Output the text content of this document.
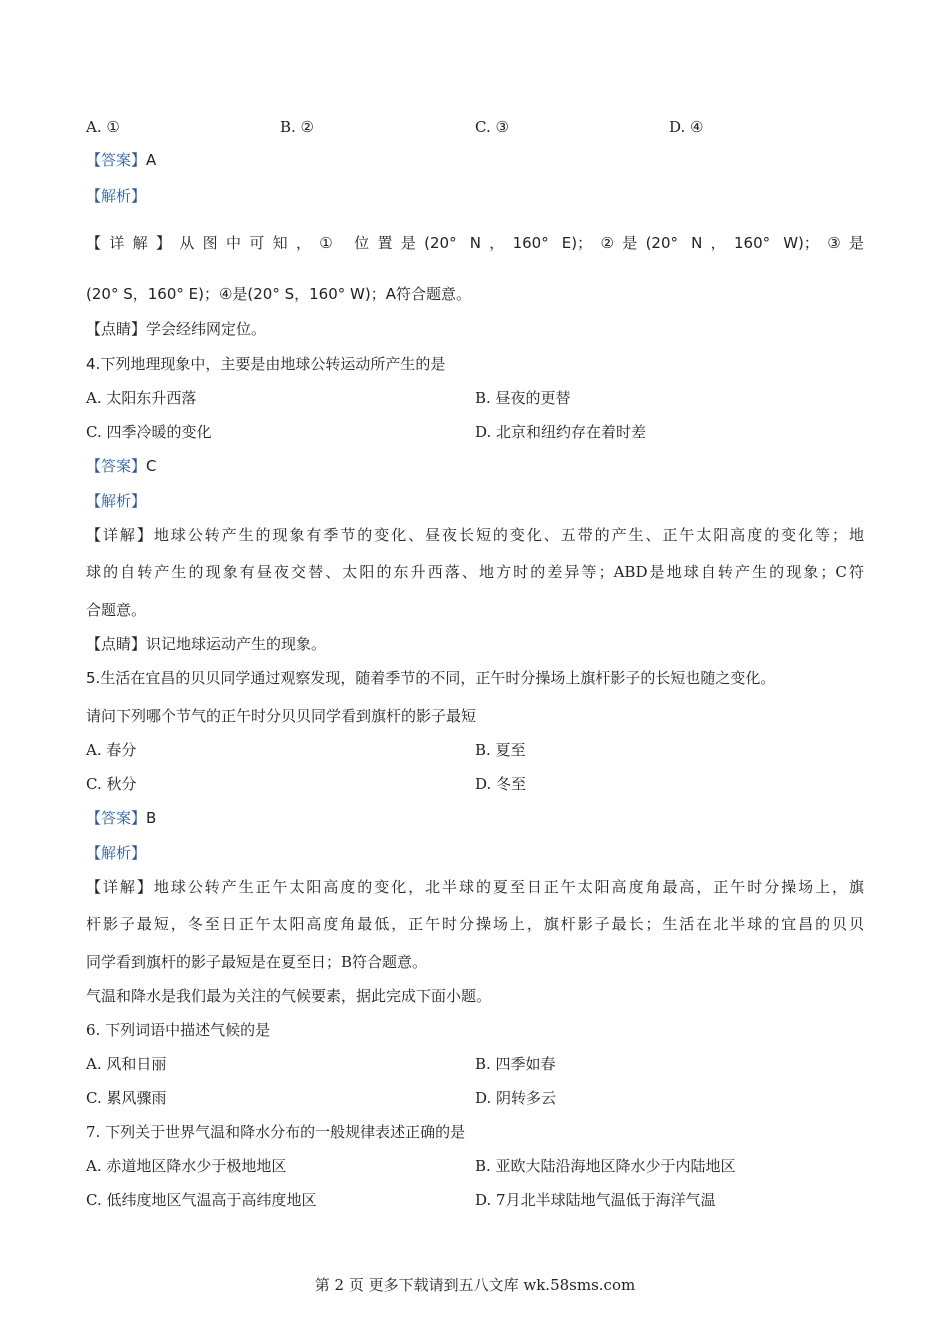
A. ①	B. ②	C. ③	D. ④
【答案】A
【解析】
【详解】从图中可知，① 位置是(20° N，160° E)；②是(20° N，160° W)；③是
(20° S，160° E)；④是(20° S，160° W)；A符合题意。
【点睛】学会经纬网定位。
4.下列地理现象中，主要是由地球公转运动所产生的是
A. 太阳东升西落	B. 昼夜的更替
C. 四季冷暖的变化	D. 北京和纽约存在着时差
【答案】C
【解析】
【详解】地球公转产生的现象有季节的变化、昼夜长短的变化、五带的产生、正午太阳高度的变化等；地
球的自转产生的现象有昼夜交替、太阳的东升西落、地方时的差异等；ABD是地球自转产生的现象；C符
合题意。
【点睛】识记地球运动产生的现象。
5.生活在宜昌的贝贝同学通过观察发现，随着季节的不同，正午时分操场上旗杆影子的长短也随之变化。
请问下列哪个节气的正午时分贝贝同学看到旗杆的影子最短
A. 春分	B. 夏至
C. 秋分	D. 冬至
【答案】B
【解析】
【详解】地球公转产生正午太阳高度的变化，北半球的夏至日正午太阳高度角最高，正午时分操场上，旗
杆影子最短，冬至日正午太阳高度角最低，正午时分操场上，旗杆影子最长；生活在北半球的宜昌的贝贝
同学看到旗杆的影子最短是在夏至日；B符合题意。
气温和降水是我们最为关注的气候要素，据此完成下面小题。
6. 下列词语中描述气候的是
A. 风和日丽	B. 四季如春
C. 累风骤雨	D. 阴转多云
7. 下列关于世界气温和降水分布的一般规律表述正确的是
A. 赤道地区降水少于极地地区	B. 亚欧大陆沿海地区降水少于内陆地区
C. 低纬度地区气温高于高纬度地区	D. 7月北半球陆地气温低于海洋气温
第 2 页 更多下载请到五八文库 wk.58sms.com
